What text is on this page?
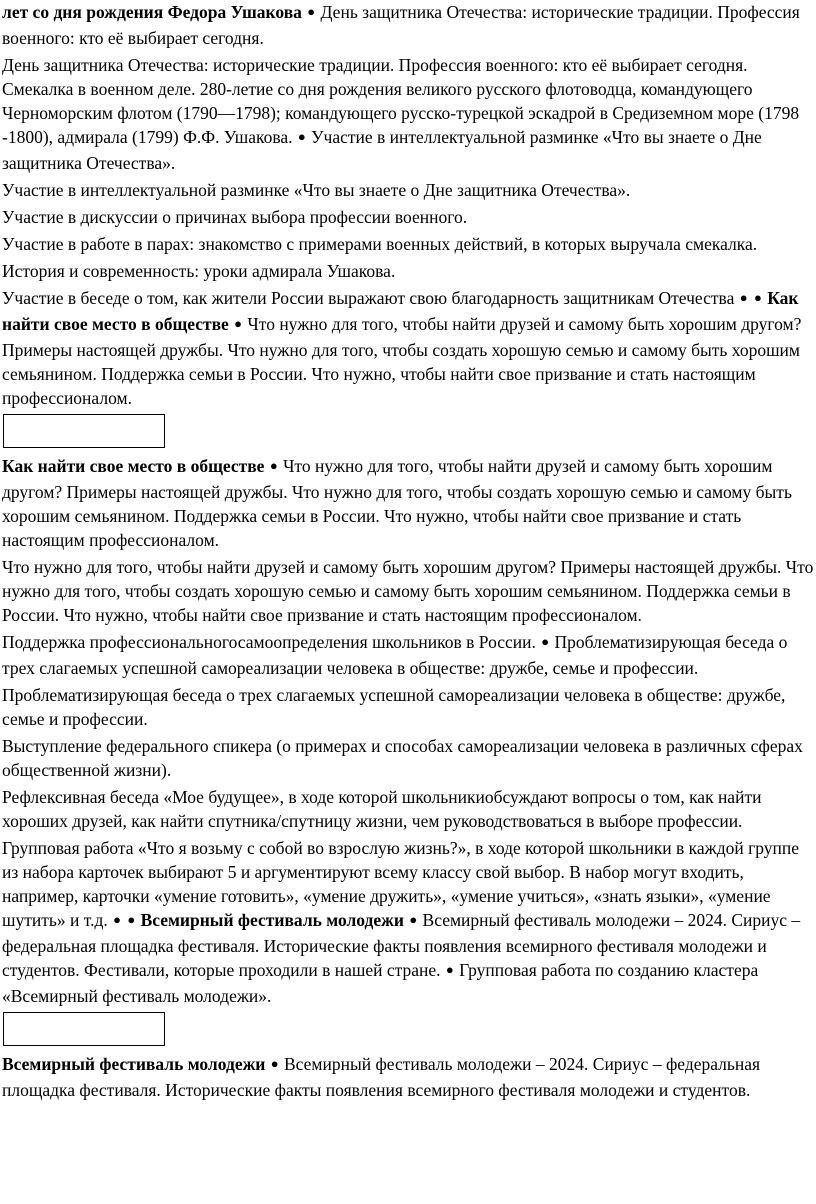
лет со дня рождения Федора Ушакова ● День защитника Отечества: исторические традиции. Профессия военного: кто её выбирает сегодня.
День защитника Отечества: исторические традиции. Профессия военного: кто её выбирает сегодня. Смекалка в военном деле. 280-летие со дня рождения великого русского флотоводца, командующего Черноморским флотом (1790—1798); командующего русско-турецкой эскадрой в Средиземном море (1798 -1800), адмирала (1799) Ф.Ф. Ушакова. ● Участие в интеллектуальной разминке «Что вы знаете о Дне защитника Отечества».
Участие в интеллектуальной разминке «Что вы знаете о Дне защитника Отечества».
Участие в дискуссии о причинах выбора профессии военного.
Участие в работе в парах: знакомство с примерами военных действий, в которых выручала смекалка.
История и современность: уроки адмирала Ушакова.
Участие в беседе о том, как жители России выражают свою благодарность защитникам Отечества ● ● Как найти свое место в обществе ● Что нужно для того, чтобы найти друзей и самому быть хорошим другом? Примеры настоящей дружбы. Что нужно для того, чтобы создать хорошую семью и самому быть хорошим семьянином. Поддержка семьи в России. Что нужно, чтобы найти свое призвание и стать настоящим профессионалом.
Как найти свое место в обществе ● Что нужно для того, чтобы найти друзей и самому быть хорошим другом? Примеры настоящей дружбы. Что нужно для того, чтобы создать хорошую семью и самому быть хорошим семьянином. Поддержка семьи в России. Что нужно, чтобы найти свое призвание и стать настоящим профессионалом.
Что нужно для того, чтобы найти друзей и самому быть хорошим другом? Примеры настоящей дружбы. Что нужно для того, чтобы создать хорошую семью и самому быть хорошим семьянином. Поддержка семьи в России. Что нужно, чтобы найти свое призвание и стать настоящим профессионалом.
Поддержка профессиональногосамоопределения школьников в России. ● Проблематизирующая беседа о трех слагаемых успешной самореализации человека в обществе: дружбе, семье и профессии.
Проблематизирующая беседа о трех слагаемых успешной самореализации человека в обществе: дружбе, семье и профессии.
Выступление федерального спикера (о примерах и способах самореализации человека в различных сферах общественной жизни).
Рефлексивная беседа «Мое будущее», в ходе которой школьникиобсуждают вопросы о том, как найти хороших друзей, как найти спутника/спутницу жизни, чем руководствоваться в выборе профессии.
Групповая работа «Что я возьму с собой во взрослую жизнь?», в ходе которой школьники в каждой группе из набора карточек выбирают 5 и аргументируют всему классу свой выбор. В набор могут входить, например, карточки «умение готовить», «умение дружить», «умение учиться», «знать языки», «умение шутить» и т.д. ● ● Всемирный фестиваль молодежи ● Всемирный фестиваль молодежи – 2024. Сириус – федеральная площадка фестиваля. Исторические факты появления всемирного фестиваля молодежи и студентов. Фестивали, которые проходили в нашей стране. ● Групповая работа по созданию кластера «Всемирный фестиваль молодежи».
Всемирный фестиваль молодежи ● Всемирный фестиваль молодежи – 2024. Сириус – федеральная площадка фестиваля. Исторические факты появления всемирного фестиваля молодежи и студентов.
